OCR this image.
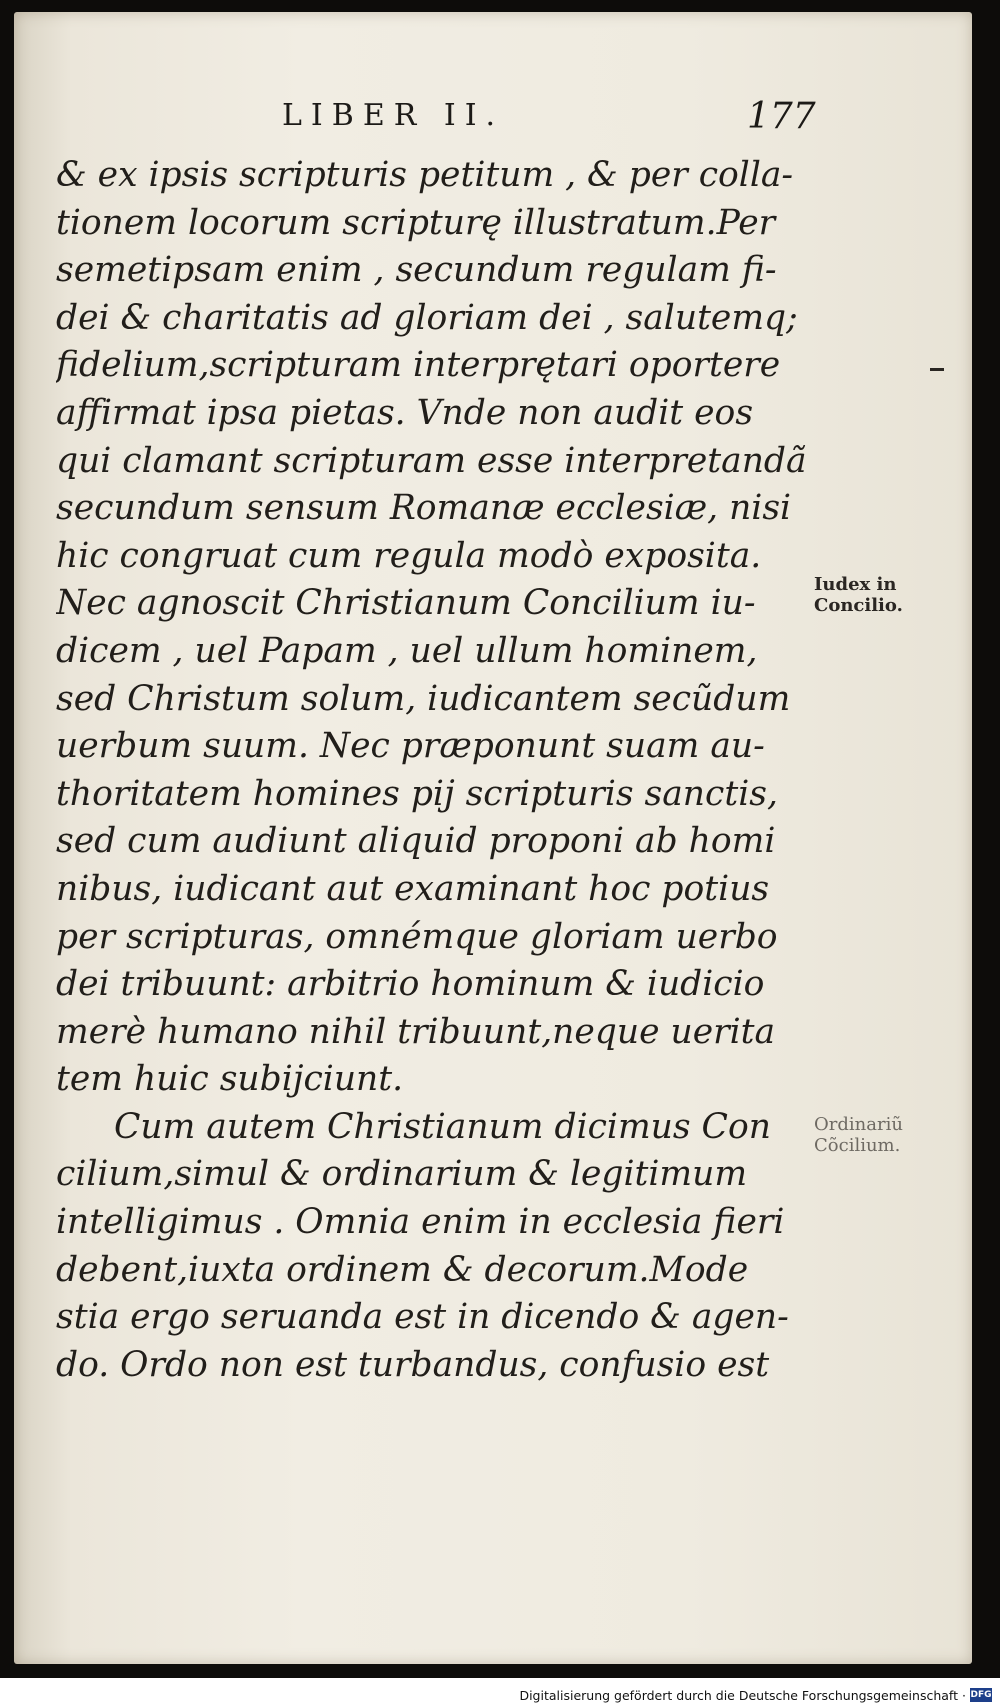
LIBER II.	177
& ex ipsis scripturis petitum , & per colla-
tionem locorum scripturę illustratum.Per
semetipsam enim , secundum regulam fi-
dei & charitatis ad gloriam dei , salutemq;
fidelium,scripturam interprętari oportere
affirmat ipsa pietas. Vnde non audit eos
qui clamant scripturam esse interpretandã
secundum sensum Romanæ ecclesiæ, nisi
hic congruat cum regula modò exposita.
Nec agnoscit Christianum Concilium iu-
dicem , uel Papam , uel ullum hominem,
sed Christum solum, iudicantem secũdum
uerbum suum. Nec præponunt suam au-
thoritatem homines pij scripturis sanctis,
sed cum audiunt aliquid proponi ab homi
nibus, iudicant aut examinant hoc potius
per scripturas, omnémque gloriam uerbo
dei tribuunt: arbitrio hominum & iudicio
merè humano nihil tribuunt,neque uerita
tem huic subijciunt.
Cum autem Christianum dicimus Con
cilium,simul & ordinarium & legitimum
intelligimus . Omnia enim in ecclesia fieri
debent,iuxta ordinem & decorum.Mode
stia ergo seruanda est in dicendo & agen-
do. Ordo non est turbandus, confusio est
Iudex in
Concilio.
Ordinariũ
Cõcilium.
Digitalisierung gefördert durch die Deutsche Forschungsgemeinschaft · DFG
